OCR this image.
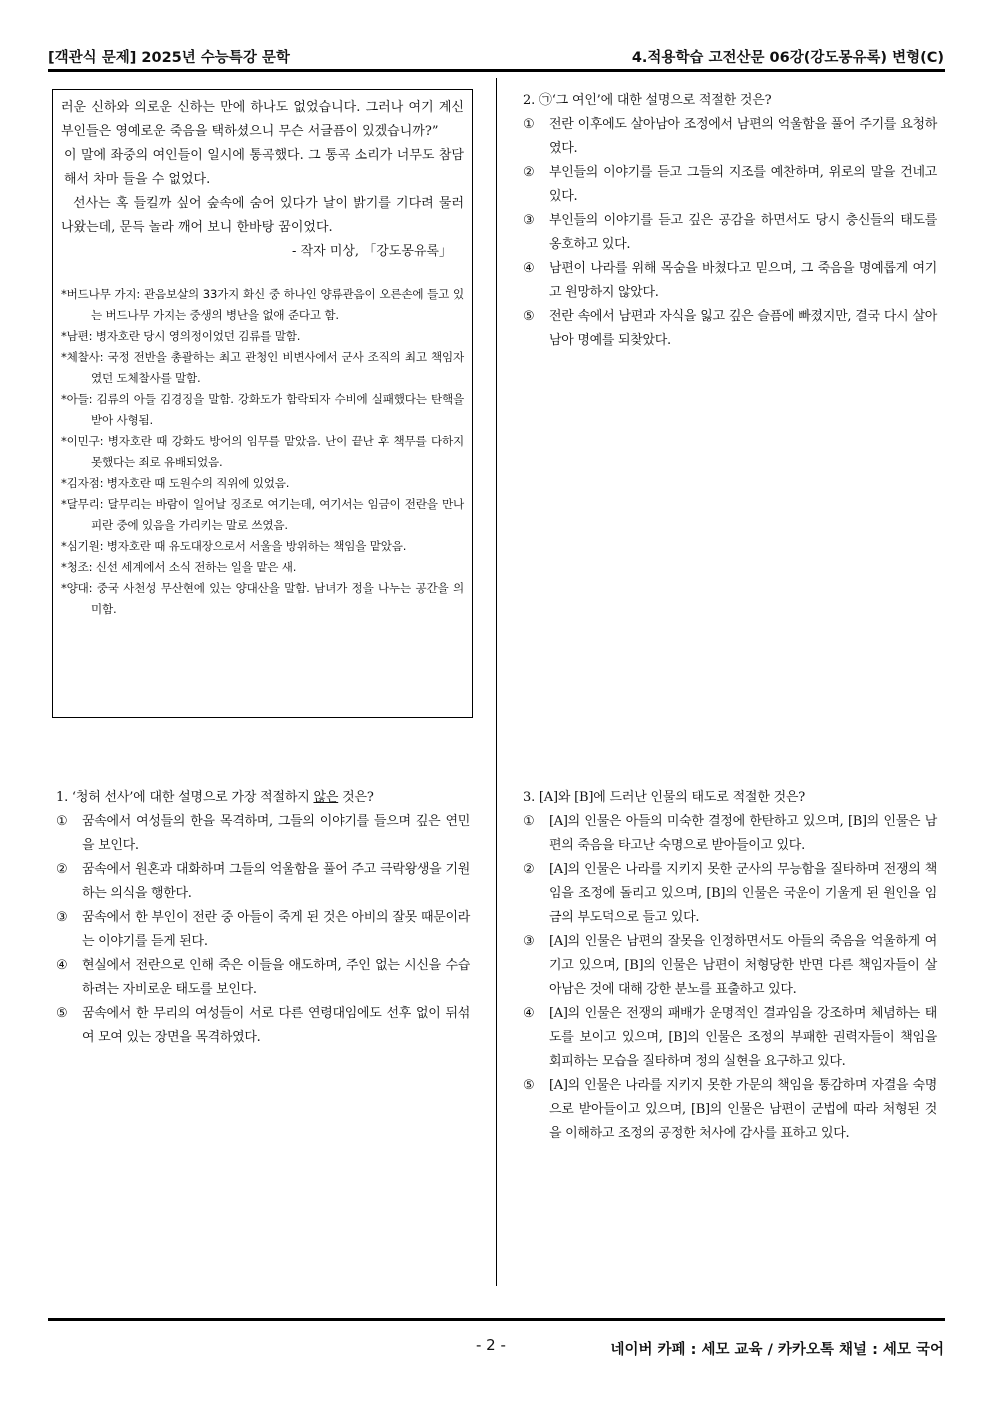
[객관식 문제] 2025년 수능특강 문학	4.적용학습 고전산문 06강(강도몽유록) 변형(C)

러운 신하와 의로운 신하는 만에 하나도 없었습니다. 그러나 여기 계신 부인들은 영예로운 죽음을 택하셨으니 무슨 서글픔이 있겠습니까?”

이 말에 좌중의 여인들이 일시에 통곡했다. 그 통곡 소리가 너무도 참담해서 차마 들을 수 없었다.

선사는 혹 들킬까 싶어 숲속에 숨어 있다가 날이 밝기를 기다려 물러 나왔는데, 문득 놀라 깨어 보니 한바탕 꿈이었다.

- 작자 미상, 「강도몽유록」

*버드나무 가지: 관음보살의 33가지 화신 중 하나인 양류관음이 오른손에 들고 있는 버드나무 가지는 중생의 병난을 없애 준다고 함.

*남편: 병자호란 당시 영의정이었던 김류를 말함.

*체찰사: 국정 전반을 총괄하는 최고 관청인 비변사에서 군사 조직의 최고 책임자였던 도체찰사를 말함.

*아들: 김류의 아들 김경징을 말함. 강화도가 함락되자 수비에 실패했다는 탄핵을 받아 사형됨.

*이민구: 병자호란 때 강화도 방어의 임무를 맡았음. 난이 끝난 후 책무를 다하지 못했다는 죄로 유배되었음.

*김자점: 병자호란 때 도원수의 직위에 있었음.

*달무리: 달무리는 바람이 일어날 징조로 여기는데, 여기서는 임금이 전란을 만나 피란 중에 있음을 가리키는 말로 쓰였음.

*심기원: 병자호란 때 유도대장으로서 서울을 방위하는 책임을 맡았음.

*청조: 신선 세계에서 소식 전하는 일을 맡은 새.

*양대: 중국 사천성 무산현에 있는 양대산을 말함. 남녀가 정을 나누는 공간을 의미함.

1. ‘청허 선사’에 대한 설명으로 가장 적절하지 않은 것은?

①	꿈속에서 여성들의 한을 목격하며, 그들의 이야기를 들으며 깊은 연민을 보인다.
②	꿈속에서 원혼과 대화하며 그들의 억울함을 풀어 주고 극락왕생을 기원하는 의식을 행한다.
③	꿈속에서 한 부인이 전란 중 아들이 죽게 된 것은 아비의 잘못 때문이라는 이야기를 듣게 된다.
④	현실에서 전란으로 인해 죽은 이들을 애도하며, 주인 없는 시신을 수습하려는 자비로운 태도를 보인다.
⑤	꿈속에서 한 무리의 여성들이 서로 다른 연령대임에도 선후 없이 뒤섞여 모여 있는 장면을 목격하였다.

2. ㉠‘그 여인’에 대한 설명으로 적절한 것은?

①	전란 이후에도 살아남아 조정에서 남편의 억울함을 풀어 주기를 요청하였다.
②	부인들의 이야기를 듣고 그들의 지조를 예찬하며, 위로의 말을 건네고 있다.
③	부인들의 이야기를 듣고 깊은 공감을 하면서도 당시 충신들의 태도를 옹호하고 있다.
④	남편이 나라를 위해 목숨을 바쳤다고 믿으며, 그 죽음을 명예롭게 여기고 원망하지 않았다.
⑤	전란 속에서 남편과 자식을 잃고 깊은 슬픔에 빠졌지만, 결국 다시 살아남아 명예를 되찾았다.

3. [A]와 [B]에 드러난 인물의 태도로 적절한 것은?

①	[A]의 인물은 아들의 미숙한 결정에 한탄하고 있으며, [B]의 인물은 남편의 죽음을 타고난 숙명으로 받아들이고 있다.
②	[A]의 인물은 나라를 지키지 못한 군사의 무능함을 질타하며 전쟁의 책임을 조정에 돌리고 있으며, [B]의 인물은 국운이 기울게 된 원인을 임금의 부도덕으로 들고 있다.
③	[A]의 인물은 남편의 잘못을 인정하면서도 아들의 죽음을 억울하게 여기고 있으며, [B]의 인물은 남편이 처형당한 반면 다른 책임자들이 살아남은 것에 대해 강한 분노를 표출하고 있다.
④	[A]의 인물은 전쟁의 패배가 운명적인 결과임을 강조하며 체념하는 태도를 보이고 있으며, [B]의 인물은 조정의 부패한 권력자들이 책임을 회피하는 모습을 질타하며 정의 실현을 요구하고 있다.
⑤	[A]의 인물은 나라를 지키지 못한 가문의 책임을 통감하며 자결을 숙명으로 받아들이고 있으며, [B]의 인물은 남편이 군법에 따라 처형된 것을 이해하고 조정의 공정한 처사에 감사를 표하고 있다.
- 2 -	네이버 카페 : 세모 교육 / 카카오톡 채널 : 세모 국어
